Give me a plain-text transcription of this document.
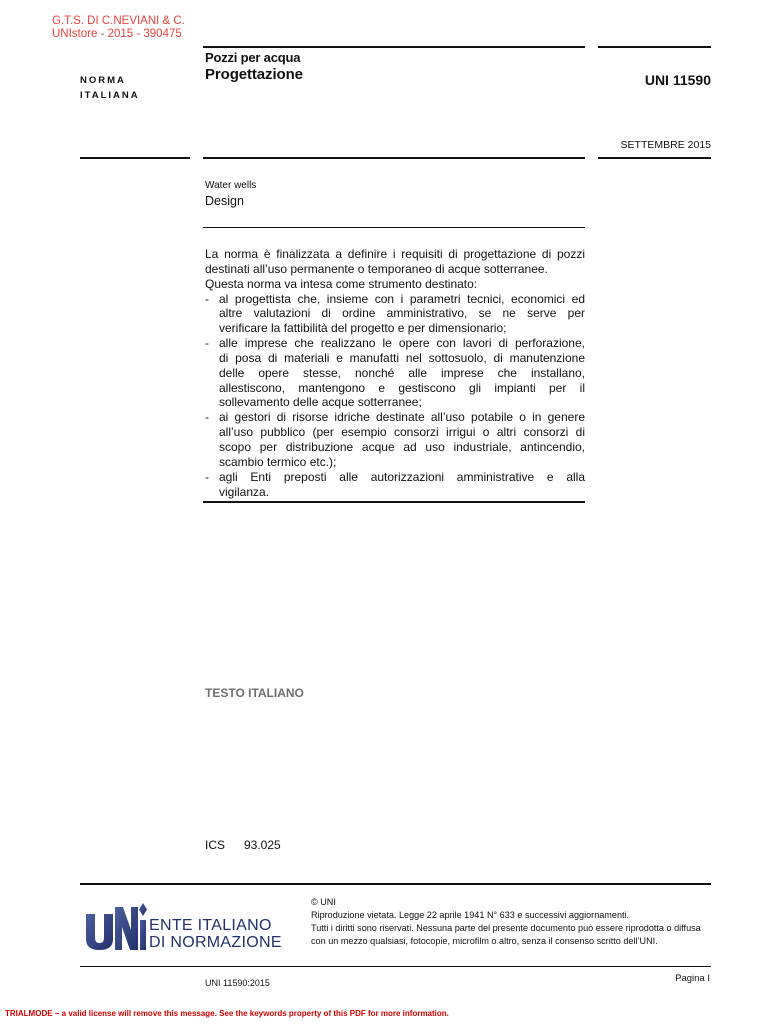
G.T.S. DI C.NEVIANI & C.
UNIstore - 2015 - 390475
NORMA
ITALIANA
Pozzi per acqua
Progettazione	UNI 11590
SETTEMBRE 2015
Water wells
Design
La norma è finalizzata a definire i requisiti di progettazione di pozzi
destinati all’uso permanente o temporaneo di acque sotterranee.
Questa norma va intesa come strumento destinato:
- al progettista che, insieme con i parametri tecnici, economici ed
altre valutazioni di ordine amministrativo, se ne serve per
verificare la fattibilità del progetto e per dimensionario;
- alle imprese che realizzano le opere con lavori di perforazione,
di posa di materiali e manufatti nel sottosuolo, di manutenzione
delle opere stesse, nonché alle imprese che installano,
allestiscono, mantengono e gestiscono gli impianti per il
sollevamento delle acque sotterranee;
- ai gestori di risorse idriche destinate all’uso potabile o in genere
all’uso pubblico (per esempio consorzi irrigui o altri consorzi di
scopo per distribuzione acque ad uso industriale, antincendio,
scambio termico etc.);
- agli Enti preposti alle autorizzazioni amministrative e alla
vigilanza.
TESTO ITALIANO
ICS 93.025
ENTE ITALIANO
DI NORMAZIONE
© UNI
Riproduzione vietata. Legge 22 aprile 1941 N° 633 e successivi aggiornamenti.
Tutti i diritti sono riservati. Nessuna parte del presente documento può essere riprodotta o diffusa
con un mezzo qualsiasi, fotocopie, microfilm o altro, senza il consenso scritto dell’UNI.
UNI 11590:2015	Pagina I
TRIALMODE − a valid license will remove this message. See the keywords property of this PDF for more information.
